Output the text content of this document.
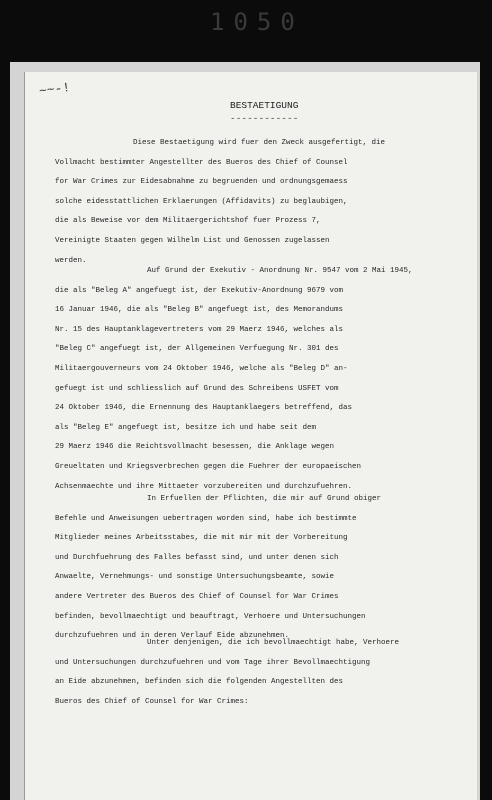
1050

~~-!
BESTAETIGUNG
------------
Diese Bestaetigung wird fuer den Zweck ausgefertigt, die
Vollmacht bestimmter Angestellter des Bueros des Chief of Counsel
for War Crimes zur Eidesabnahme zu begruenden und ordnungsgemaess
solche eidesstattlichen Erklaerungen (Affidavits) zu beglaubigen,
die als Beweise vor dem Militaergerichtshof fuer Prozess 7,
Vereinigte Staaten gegen Wilhelm List und Genossen zugelassen
werden.
Auf Grund der Exekutiv - Anordnung Nr. 9547 vom 2 Mai 1945,
die als "Beleg A" angefuegt ist, der Exekutiv-Anordnung 9679 vom
16 Januar 1946, die als "Beleg B" angefuegt ist, des Memorandums
Nr. 15 des Hauptanklagevertreters vom 29 Maerz 1946, welches als
"Beleg C" angefuegt ist, der Allgemeinen Verfuegung Nr. 301 des
Militaergouverneurs vom 24 Oktober 1946, welche als "Beleg D" an-
gefuegt ist und schliesslich auf Grund des Schreibens USFET vom
24 Oktober 1946, die Ernennung des Hauptanklaegers betreffend, das
als "Beleg E" angefuegt ist, besitze ich und habe seit dem
29 Maerz 1946 die Reichtsvollmacht besessen, die Anklage wegen
Greueltaten und Kriegsverbrechen gegen die Fuehrer der europaeischen
Achsenmaechte und ihre Mittaeter vorzubereiten und durchzufuehren.
In Erfuellen der Pflichten, die mir auf Grund obiger
Befehle und Anweisungen uebertragen worden sind, habe ich bestimmte
Mitglieder meines Arbeitsstabes, die mit mir mit der Vorbereitung
und Durchfuehrung des Falles befasst sind, und unter denen sich
Anwaelte, Vernehmungs- und sonstige Untersuchungsbeamte, sowie
andere Vertreter des Bueros des Chief of Counsel for War Crimes
befinden, bevollmaechtigt und beauftragt, Verhoere und Untersuchungen
durchzufuehren und in deren Verlauf Eide abzunehmen.
Unter denjenigen, die ich bevollmaechtigt habe, Verhoere
und Untersuchungen durchzufuehren und vom Tage ihrer Bevollmaechtigung
an Eide abzunehmen, befinden sich die folgenden Angestellten des
Bueros des Chief of Counsel for War Crimes:
